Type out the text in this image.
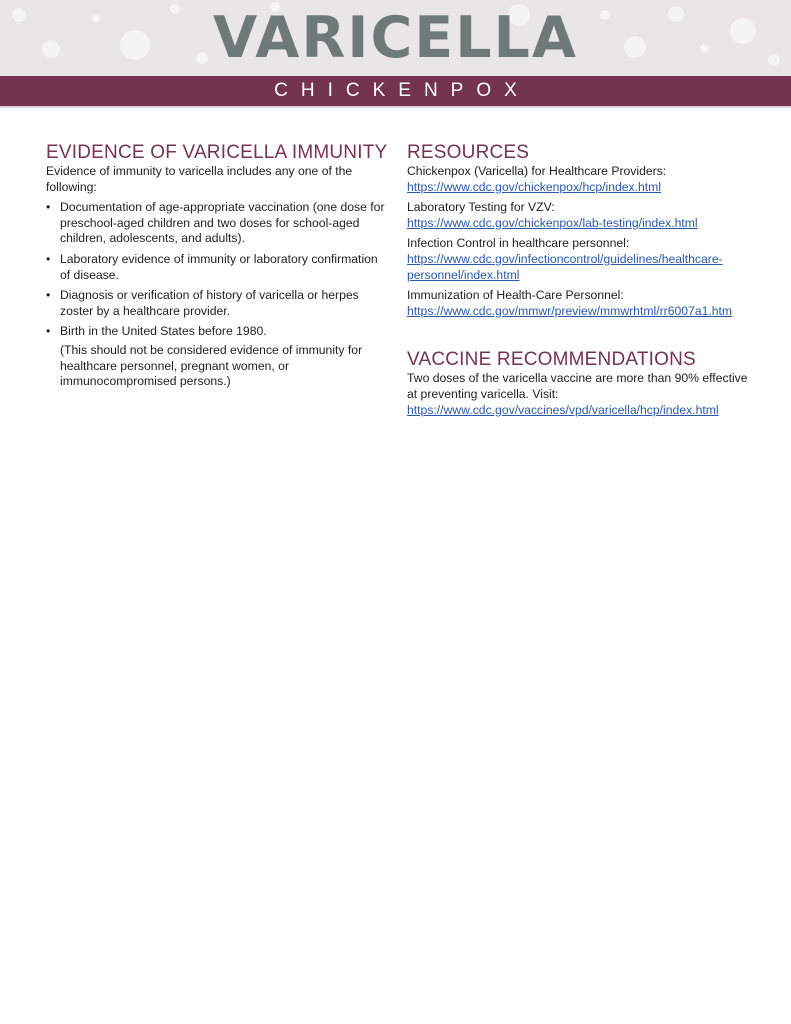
VARICELLA
CHICKENPOX
EVIDENCE OF VARICELLA IMMUNITY

Evidence of immunity to varicella includes any one of the following:

• Documentation of age-appropriate vaccination (one dose for preschool-aged children and two doses for school-aged children, adolescents, and adults).
• Laboratory evidence of immunity or laboratory confirmation of disease.
• Diagnosis or verification of history of varicella or herpes zoster by a healthcare provider.
• Birth in the United States before 1980.
(This should not be considered evidence of immunity for healthcare personnel, pregnant women, or immunocompromised persons.)
RESOURCES
Chickenpox (Varicella) for Healthcare Providers: https://www.cdc.gov/chickenpox/hcp/index.html
Laboratory Testing for VZV: https://www.cdc.gov/chickenpox/lab-testing/index.html
Infection Control in healthcare personnel: https://www.cdc.gov/infectioncontrol/guidelines/healthcare-personnel/index.html
Immunization of Health-Care Personnel: https://www.cdc.gov/mmwr/preview/mmwrhtml/rr6007a1.htm
VACCINE RECOMMENDATIONS

Two doses of the varicella vaccine are more than 90% effective at preventing varicella. Visit: https://www.cdc.gov/vaccines/vpd/varicella/hcp/index.html
